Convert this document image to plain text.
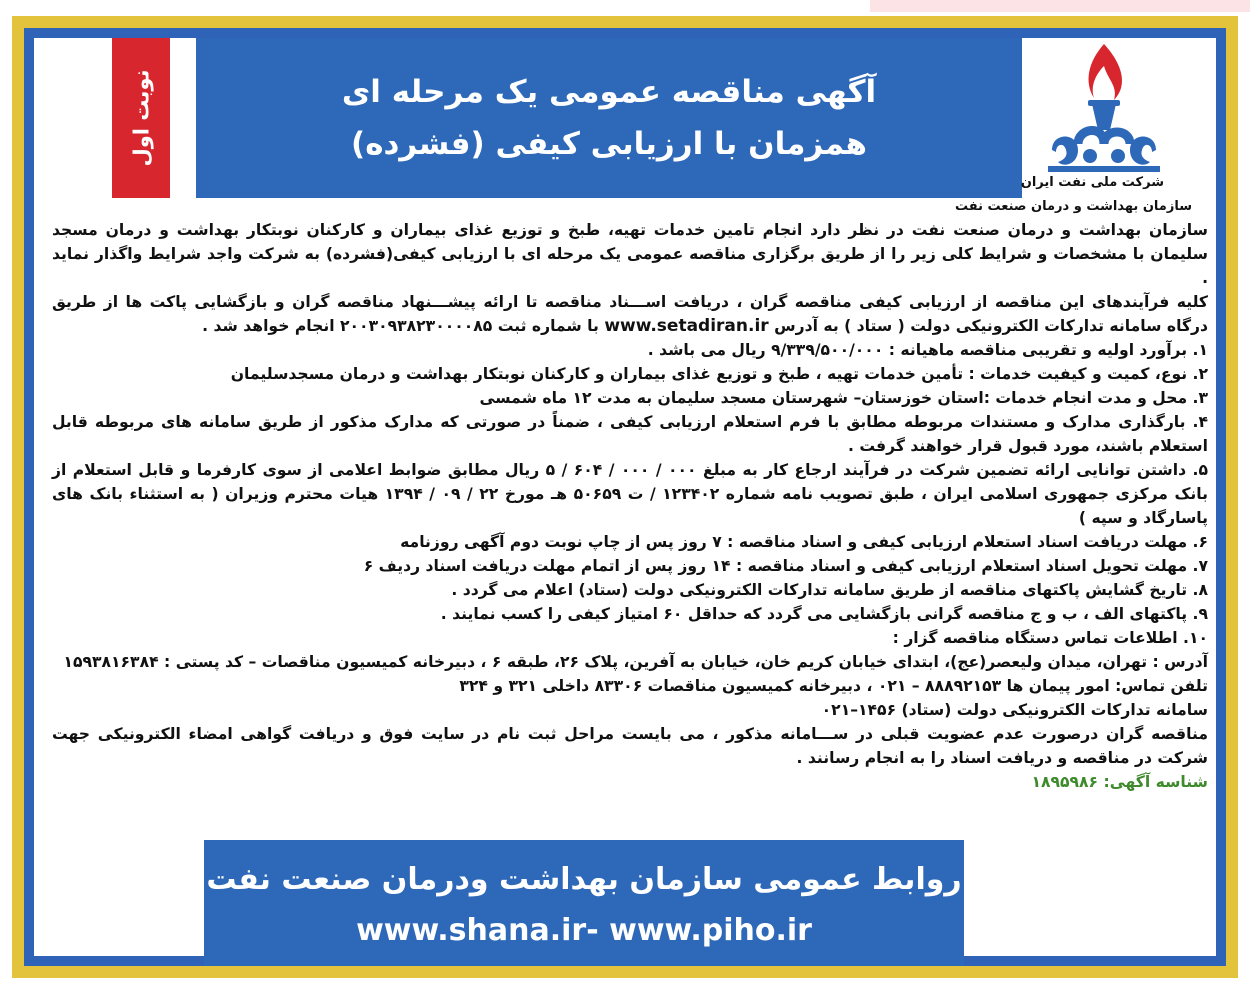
نوبت اول	آگهی مناقصه عمومی یک مرحله ای
همزمان با ارزیابی کیفی (فشرده)
شرکت ملی نفت ایران
سازمان بهداشت و درمان صنعت نفت

سازمان بهداشت و درمان صنعت نفت در نظر دارد انجام تامین خدمات تهیه، طبخ و توزیع غذای بیماران و کارکنان نوبتکار بهداشت و درمان مسجد سلیمان با مشخصات و شرایط کلی زیر را از طریق برگزاری مناقصه عمومی یک مرحله ای با ارزیابی کیفی(فشرده) به شرکت واجد شرایط واگذار نماید .

کلیه فرآیندهای این مناقصه از ارزیابی کیفی مناقصه گران ، دریافت اســـناد مناقصه تا ارائه پیشـــنهاد مناقصه گران و بازگشایی پاکت ها از طریق درگاه سامانه تدارکات الکترونیکی دولت ( ستاد ) به آدرس www.setadiran.ir با شماره ثبت ۲۰۰۳۰۹۳۸۲۳۰۰۰۰۸۵ انجام خواهد شد .

۱. برآورد اولیه و تقریبی مناقصه ماهیانه : ۹/۳۳۹/۵۰۰/۰۰۰ ریال می باشد .

۲. نوع، کمیت و کیفیت خدمات : تأمین خدمات تهیه ، طبخ و توزیع غذای بیماران و کارکنان نوبتکار بهداشت و درمان مسجدسلیمان

۳. محل و مدت انجام خدمات :استان خوزستان– شهرستان مسجد سلیمان به مدت ۱۲ ماه شمسی

۴. بارگذاری مدارک و مستندات مربوطه مطابق با فرم استعلام ارزیابی کیفی ، ضمناً در صورتی که مدارک مذکور از طریق سامانه های مربوطه قابل استعلام باشند، مورد قبول قرار خواهند گرفت .

۵. داشتن توانایی ارائه تضمین شرکت در فرآیند ارجاع کار به مبلغ ۰۰۰ / ۰۰۰ / ۶۰۴ / ۵ ریال مطابق ضوابط اعلامی از سوی کارفرما و قابل استعلام از بانک مرکزی جمهوری اسلامی ایران ، طبق تصویب نامه شماره ۱۲۳۴۰۲ / ت ۵۰۶۵۹ هـ مورخ ۲۲ / ۰۹ / ۱۳۹۴ هیات محترم وزیران ( به استثناء بانک های پاسارگاد و سپه )

۶. مهلت دریافت اسناد استعلام ارزیابی کیفی و اسناد مناقصه : ۷ روز پس از چاپ نوبت دوم آگهی روزنامه

۷. مهلت تحویل اسناد استعلام ارزیابی کیفی و اسناد مناقصه : ۱۴ روز پس از اتمام مهلت دریافت اسناد ردیف ۶

۸. تاریخ گشایش پاکتهای مناقصه از طریق سامانه تدارکات الکترونیکی دولت (ستاد) اعلام می گردد .

۹. پاکتهای الف ، ب و ج مناقصه گرانی بازگشایی می گردد که حداقل ۶۰ امتیاز کیفی را کسب نمایند .

۱۰. اطلاعات تماس دستگاه مناقصه گزار :

آدرس : تهران، میدان ولیعصر(عج)، ابتدای خیابان کریم خان، خیابان به آفرین، پلاک ۲۶، طبقه ۶ ، دبیرخانه کمیسیون مناقصات – کد پستی : ۱۵۹۳۸۱۶۳۸۴

تلفن تماس: امور پیمان ها ۸۸۸۹۲۱۵۳ – ۰۲۱ ، دبیرخانه کمیسیون مناقصات ۸۳۳۰۶ داخلی ۳۲۱ و ۳۲۴

سامانه تدارکات الکترونیکی دولت (ستاد) ۱۴۵۶–۰۲۱

مناقصه گران درصورت عدم عضویت قبلی در ســـامانه مذکور ، می بایست مراحل ثبت نام در سایت فوق و دریافت گواهی امضاء الکترونیکی جهت شرکت در مناقصه و دریافت اسناد را به انجام رسانند .

شناسه آگهی: ۱۸۹۵۹۸۶

روابط عمومی سازمان بهداشت ودرمان صنعت نفت
www.shana.ir- www.piho.ir
